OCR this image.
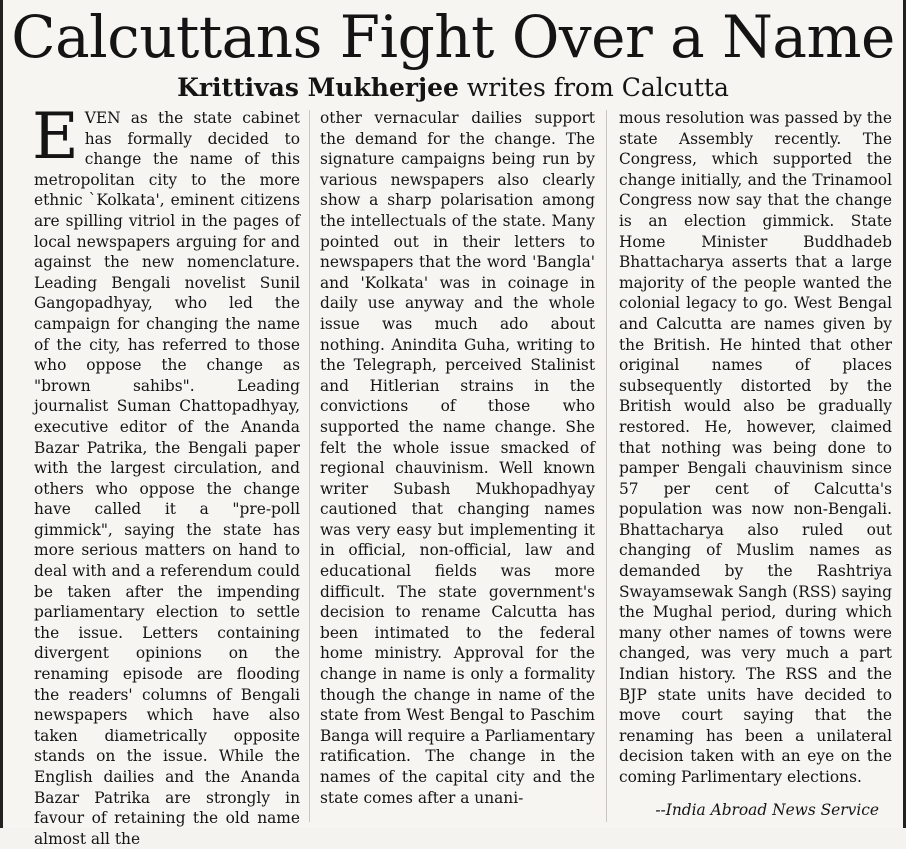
Calcuttans Fight Over a Name

Krittivas Mukherjee writes from Calcutta

E VEN as the state cabinet has formally decided to change the name of this metropolitan city to the more ethnic `Kolkata', eminent citizens are spilling vitriol in the pages of local newspapers arguing for and against the new nomenclature. Leading Bengali novelist Sunil Gangopadhyay, who led the campaign for changing the name of the city, has referred to those who oppose the change as "brown sahibs". Leading journalist Suman Chattopadhyay, executive editor of the Ananda Bazar Patrika, the Bengali paper with the largest circulation, and others who oppose the change have called it a "pre-poll gimmick", saying the state has more serious matters on hand to deal with and a referendum could be taken after the impending parliamentary election to settle the issue. Letters containing divergent opinions on the renaming episode are flooding the readers' columns of Bengali newspapers which have also taken diametrically opposite stands on the issue. While the English dailies and the Ananda Bazar Patrika are strongly in favour of retaining the old name almost all the

other vernacular dailies support the demand for the change. The signature campaigns being run by various newspapers also clearly show a sharp polarisation among the intellectuals of the state. Many pointed out in their letters to newspapers that the word 'Bangla' and 'Kolkata' was in coinage in daily use anyway and the whole issue was much ado about nothing. Anindita Guha, writing to the Telegraph, perceived Stalinist and Hitlerian strains in the convictions of those who supported the name change. She felt the whole issue smacked of regional chauvinism. Well known writer Subash Mukhopadhyay cautioned that changing names was very easy but implementing it in official, non-official, law and educational fields was more difficult. The state government's decision to rename Calcutta has been intimated to the federal home ministry. Approval for the change in name is only a formality though the change in name of the state from West Bengal to Paschim Banga will require a Parliamentary ratification. The change in the names of the capital city and the state comes after a unani-

mous resolution was passed by the state Assembly recently. The Congress, which supported the change initially, and the Trinamool Congress now say that the change is an election gimmick. State Home Minister Buddhadeb Bhattacharya asserts that a large majority of the people wanted the colonial legacy to go. West Bengal and Calcutta are names given by the British. He hinted that other original names of places subsequently distorted by the British would also be gradually restored. He, however, claimed that nothing was being done to pamper Bengali chauvinism since 57 per cent of Calcutta's population was now non-Bengali. Bhattacharya also ruled out changing of Muslim names as demanded by the Rashtriya Swayamsewak Sangh (RSS) saying the Mughal period, during which many other names of towns were changed, was very much a part Indian history. The RSS and the BJP state units have decided to move court saying that the renaming has been a unilateral decision taken with an eye on the coming Parlimentary elections.

--India Abroad News Service
